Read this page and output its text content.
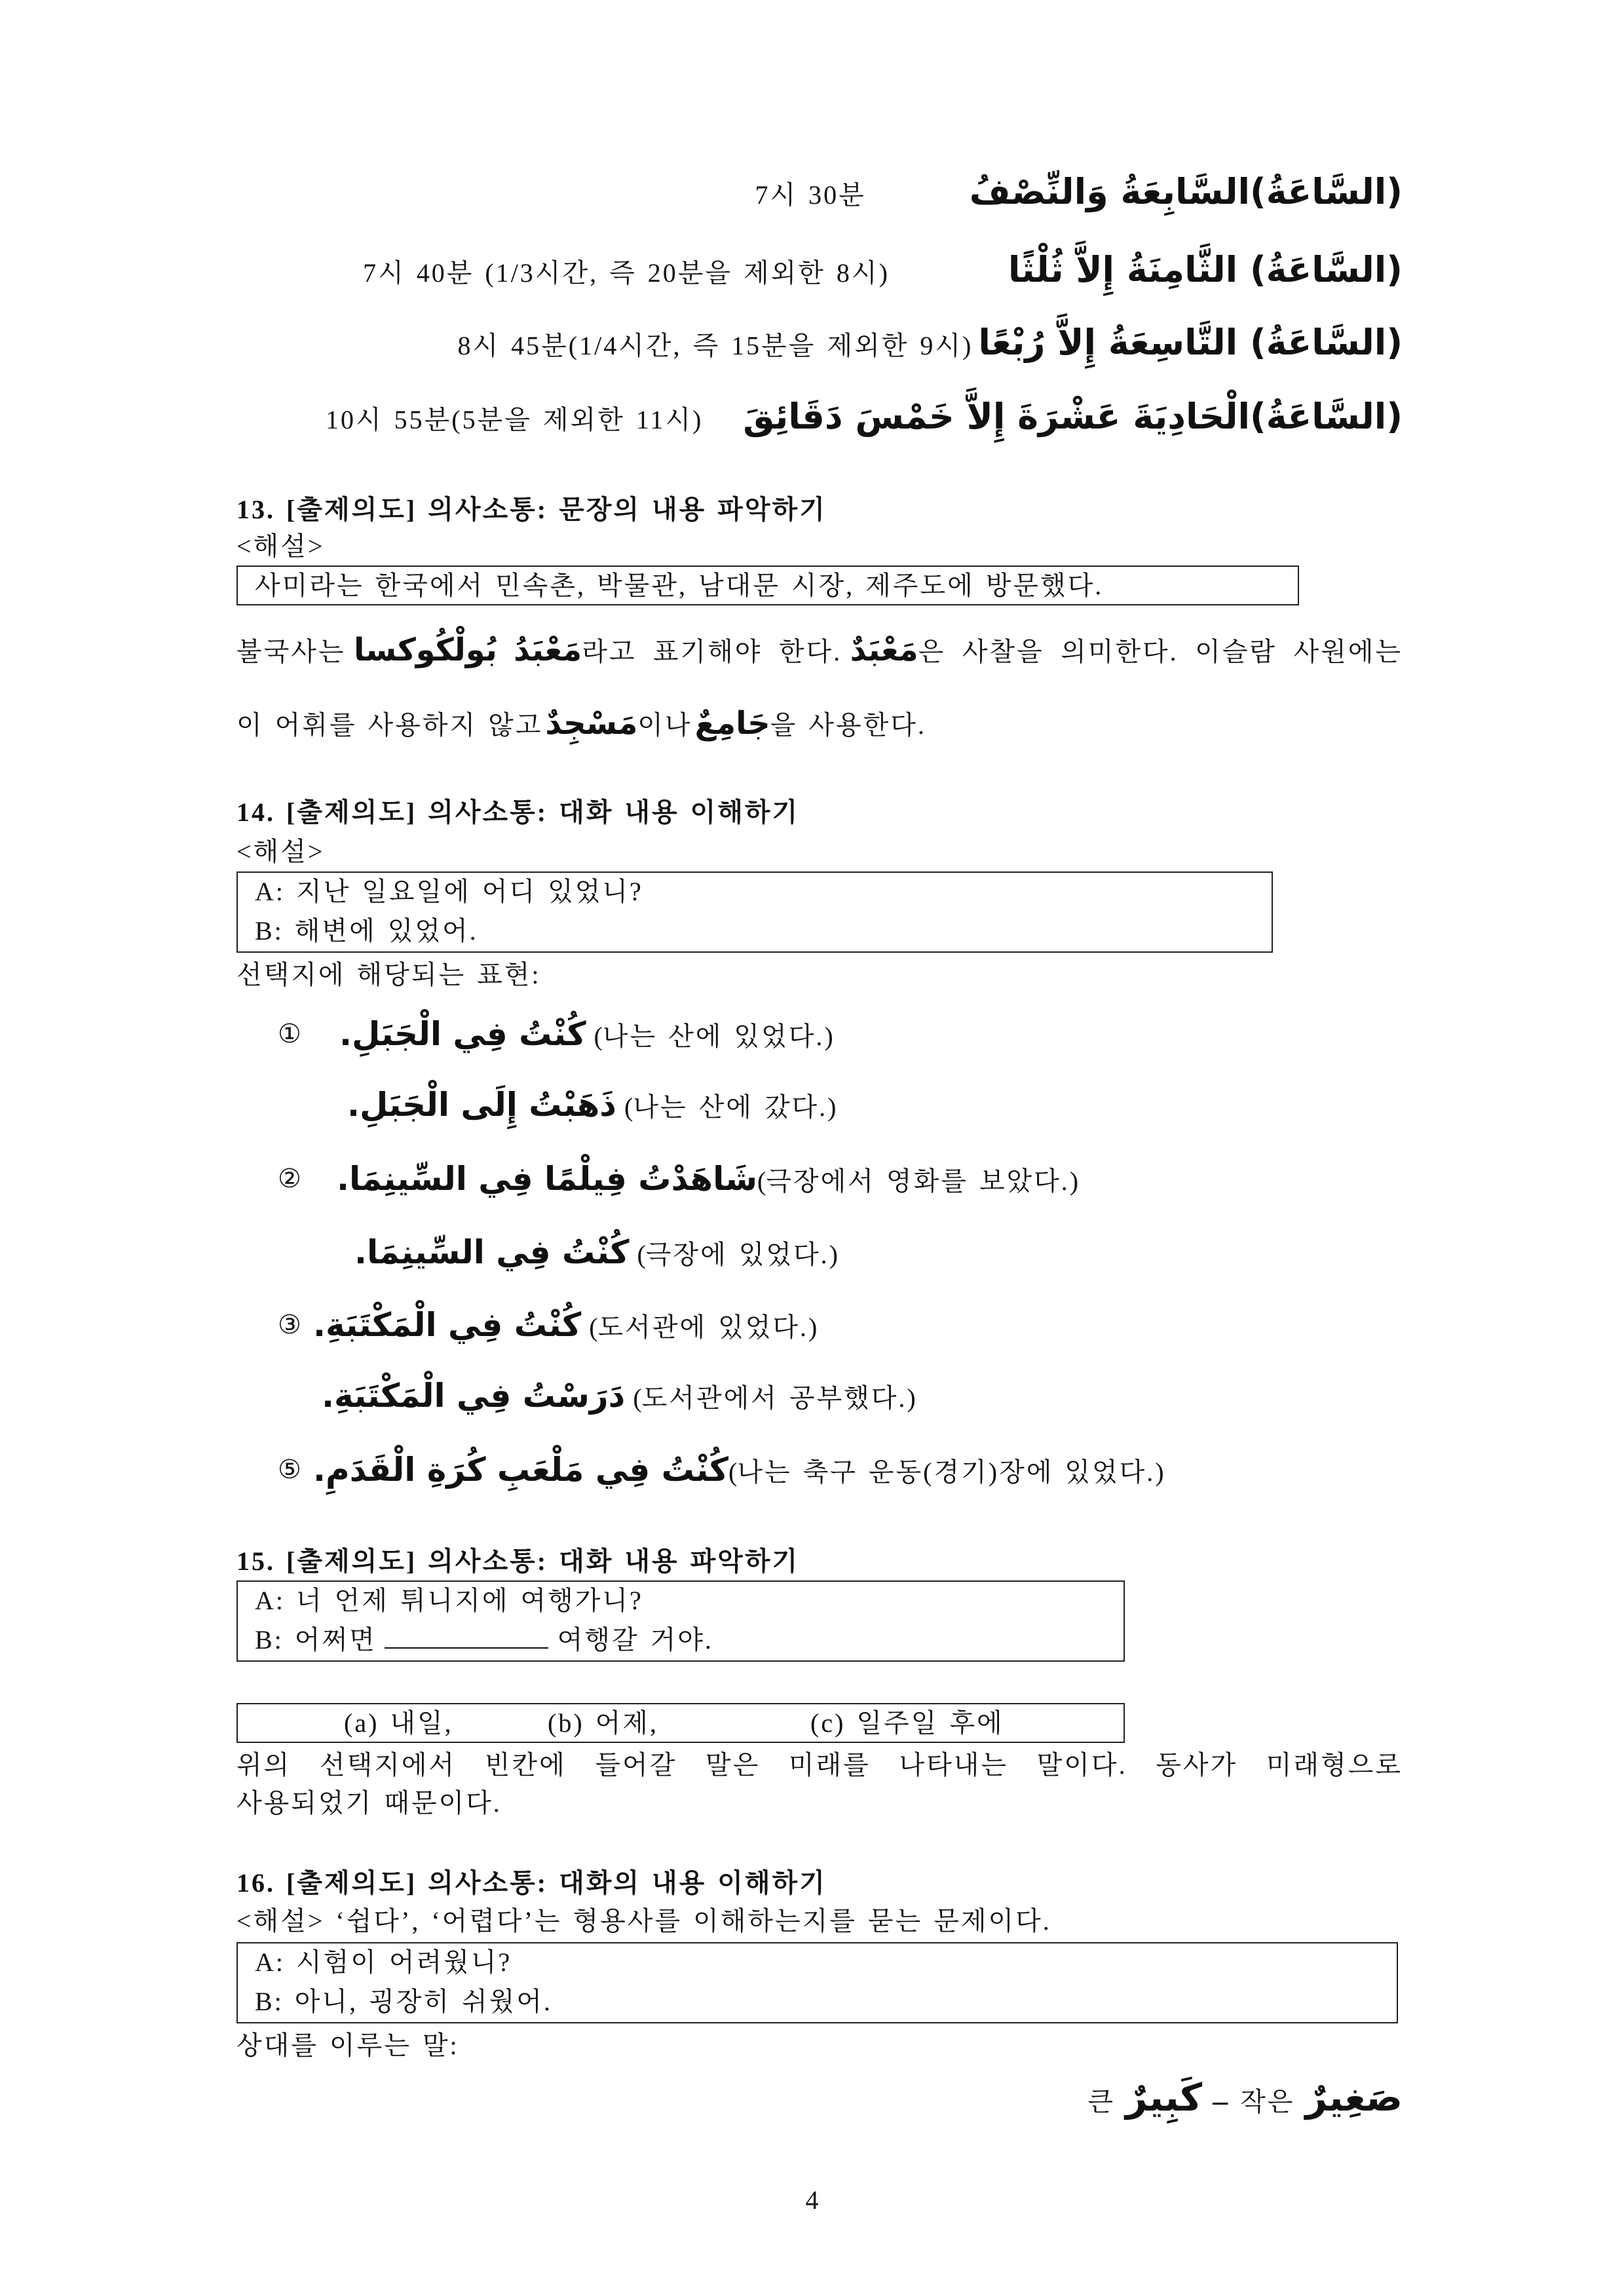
7시 30분	(السَّاعَةُ)السَّابِعَةُ وَالنِّصْفُ
7시 40분 (1/3시간, 즉 20분을 제외한 8시)	(السَّاعَةُ) الثَّامِنَةُ إِلاَّ ثُلْثًا
8시 45분(1/4시간, 즉 15분을 제외한 9시) (السَّاعَةُ) التَّاسِعَةُ إِلاَّ رُبْعًا
10시 55분(5분을 제외한 11시) (السَّاعَةُ)الْحَادِيَةَ عَشْرَةَ إِلاَّ خَمْسَ دَقَائِقَ
13. [출제의도] 의사소통: 문장의 내용 파악하기
<해설>
사미라는 한국에서 민속촌, 박물관, 남대문 시장, 제주도에 방문했다.
불국사는 مَعْبَدُ بُولْكُوكسا라고 표기해야 한다. مَعْبَدٌ은 사찰을 의미한다. 이슬람 사원에는
이 어휘를 사용하지 않고 مَسْجِدٌ이나 جَامِعٌ을 사용한다.
14. [출제의도] 의사소통: 대화 내용 이해하기
<해설>
A: 지난 일요일에 어디 있었니?
B: 해변에 있었어.
선택지에 해당되는 표현:
① كُنْتُ فِي الْجَبَلِ. (나는 산에 있었다.)
ذَهَبْتُ إِلَى الْجَبَلِ. (나는 산에 갔다.)
② شَاهَدْتُ فِيلْمًا فِي السِّينِمَا.(극장에서 영화를 보았다.)
كُنْتُ فِي السِّينِمَا. (극장에 있었다.)
③ كُنْتُ فِي الْمَكْتَبَةِ. (도서관에 있었다.)
دَرَسْتُ فِي الْمَكْتَبَةِ. (도서관에서 공부했다.)
⑤ كُنْتُ فِي مَلْعَبِ كُرَةِ الْقَدَمِ.(나는 축구 운동(경기)장에 있었다.)
15. [출제의도] 의사소통: 대화 내용 파악하기
A: 너 언제 튀니지에 여행가니?
B: 어쩌면	여행갈 거야.
(a) 내일,	(b) 어제,	(c) 일주일 후에
위의 선택지에서 빈칸에 들어갈 말은 미래를 나타내는 말이다. 동사가 미래형으로
사용되었기 때문이다.
16. [출제의도] 의사소통: 대화의 내용 이해하기
<해설> ‘쉽다’, ‘어렵다’는 형용사를 이해하는지를 묻는 문제이다.
A: 시험이 어려웠니?
B: 아니, 굉장히 쉬웠어.
상대를 이루는 말:
큰 كَبِيرٌ – 작은 صَغِيرٌ
4
